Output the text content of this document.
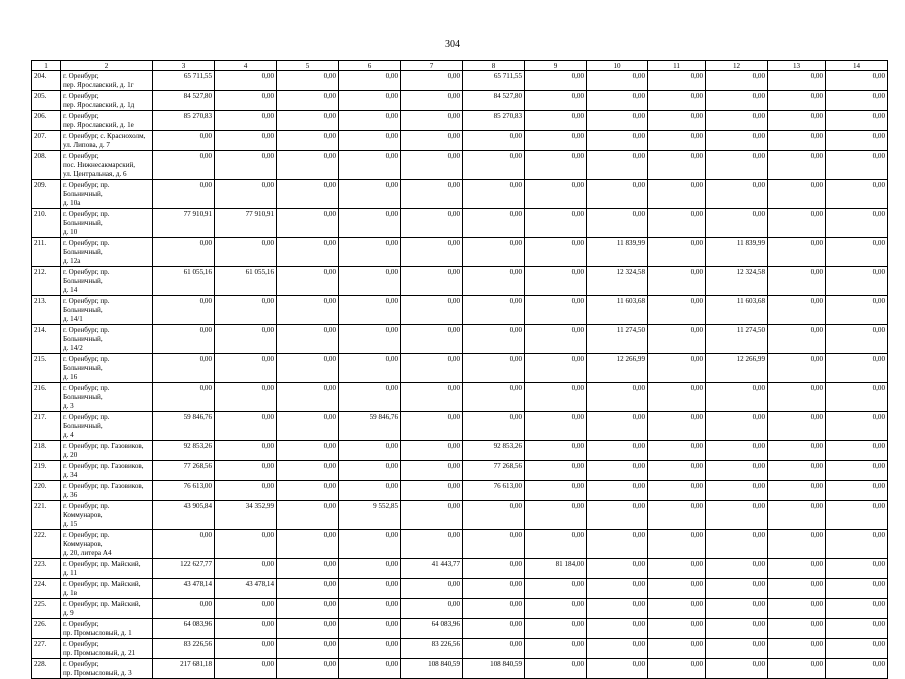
304
1	2	3	4	5	6	7	8	9	10	11	12	13	14
204.	г. Оренбург,
пер. Ярославский, д. 1г	65 711,55	0,00	0,00	0,00	0,00	65 711,55	0,00	0,00	0,00	0,00	0,00	0,00
205.	г. Оренбург,
пер. Ярославский, д. 1д	84 527,80	0,00	0,00	0,00	0,00	84 527,80	0,00	0,00	0,00	0,00	0,00	0,00
206.	г. Оренбург,
пер. Ярославский, д. 1е	85 270,83	0,00	0,00	0,00	0,00	85 270,83	0,00	0,00	0,00	0,00	0,00	0,00
207.	г. Оренбург, с. Краснохолм,
ул. Липова, д. 7	0,00	0,00	0,00	0,00	0,00	0,00	0,00	0,00	0,00	0,00	0,00	0,00
208.	г. Оренбург,
пос. Нижнесакмарский,
ул. Центральная, д. 6	0,00	0,00	0,00	0,00	0,00	0,00	0,00	0,00	0,00	0,00	0,00	0,00
209.	г. Оренбург, пр. Больничный,
д. 10а	0,00	0,00	0,00	0,00	0,00	0,00	0,00	0,00	0,00	0,00	0,00	0,00
210.	г. Оренбург, пр. Больничный,
д. 10	77 910,91	77 910,91	0,00	0,00	0,00	0,00	0,00	0,00	0,00	0,00	0,00	0,00
211.	г. Оренбург, пр. Больничный,
д. 12а	0,00	0,00	0,00	0,00	0,00	0,00	0,00	11 839,99	0,00	11 839,99	0,00	0,00
212.	г. Оренбург, пр. Больничный,
д. 14	61 055,16	61 055,16	0,00	0,00	0,00	0,00	0,00	12 324,58	0,00	12 324,58	0,00	0,00
213.	г. Оренбург, пр. Больничный,
д. 14/1	0,00	0,00	0,00	0,00	0,00	0,00	0,00	11 603,68	0,00	11 603,68	0,00	0,00
214.	г. Оренбург, пр. Больничный,
д. 14/2	0,00	0,00	0,00	0,00	0,00	0,00	0,00	11 274,50	0,00	11 274,50	0,00	0,00
215.	г. Оренбург, пр. Больничный,
д. 16	0,00	0,00	0,00	0,00	0,00	0,00	0,00	12 266,99	0,00	12 266,99	0,00	0,00
216.	г. Оренбург, пр. Больничный,
д. 3	0,00	0,00	0,00	0,00	0,00	0,00	0,00	0,00	0,00	0,00	0,00	0,00
217.	г. Оренбург, пр. Больничный,
д. 4	59 846,76	0,00	0,00	59 846,76	0,00	0,00	0,00	0,00	0,00	0,00	0,00	0,00
218.	г. Оренбург, пр. Газовиков,
д. 20	92 853,26	0,00	0,00	0,00	0,00	92 853,26	0,00	0,00	0,00	0,00	0,00	0,00
219.	г. Оренбург, пр. Газовиков,
д. 34	77 268,56	0,00	0,00	0,00	0,00	77 268,56	0,00	0,00	0,00	0,00	0,00	0,00
220.	г. Оренбург, пр. Газовиков,
д. 36	76 613,00	0,00	0,00	0,00	0,00	76 613,00	0,00	0,00	0,00	0,00	0,00	0,00
221.	г. Оренбург, пр. Коммунаров,
д. 15	43 905,84	34 352,99	0,00	9 552,85	0,00	0,00	0,00	0,00	0,00	0,00	0,00	0,00
222.	г. Оренбург, пр. Коммунаров,
д. 20, литера А4	0,00	0,00	0,00	0,00	0,00	0,00	0,00	0,00	0,00	0,00	0,00	0,00
223.	г. Оренбург, пр. Майский,
д. 11	122 627,77	0,00	0,00	0,00	41 443,77	0,00	81 184,00	0,00	0,00	0,00	0,00	0,00
224.	г. Оренбург, пр. Майский,
д. 1в	43 478,14	43 478,14	0,00	0,00	0,00	0,00	0,00	0,00	0,00	0,00	0,00	0,00
225.	г. Оренбург, пр. Майский,
д. 9	0,00	0,00	0,00	0,00	0,00	0,00	0,00	0,00	0,00	0,00	0,00	0,00
226.	г. Оренбург,
пр. Промысловый, д. 1	64 083,96	0,00	0,00	0,00	64 083,96	0,00	0,00	0,00	0,00	0,00	0,00	0,00
227.	г. Оренбург,
пр. Промысловый, д. 21	83 226,56	0,00	0,00	0,00	83 226,56	0,00	0,00	0,00	0,00	0,00	0,00	0,00
228.	г. Оренбург,
пр. Промысловый, д. 3	217 681,18	0,00	0,00	0,00	108 840,59	108 840,59	0,00	0,00	0,00	0,00	0,00	0,00
